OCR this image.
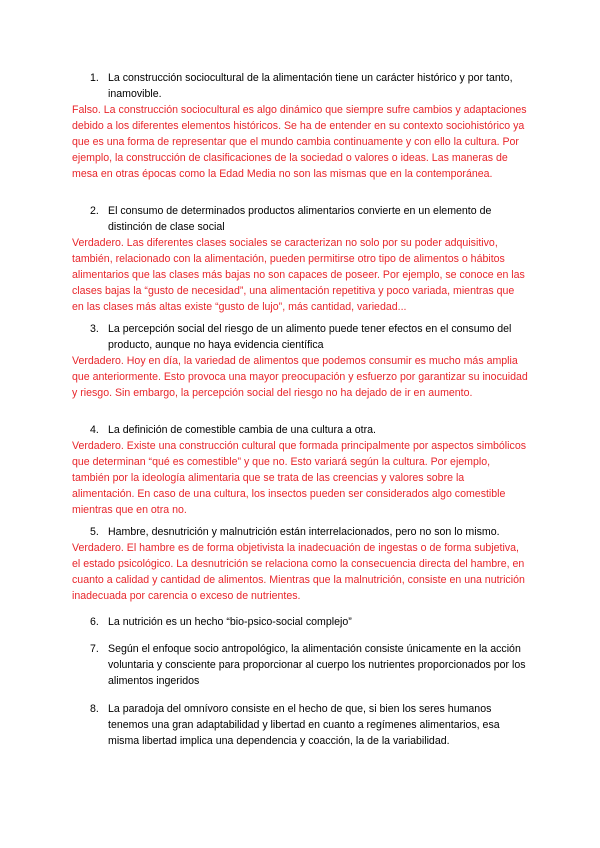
1. La construcción sociocultural de la alimentación tiene un carácter histórico y por tanto, inamovible.
Falso. La construcción sociocultural es algo dinámico que siempre sufre cambios y adaptaciones debido a los diferentes elementos históricos. Se ha de entender en su contexto sociohistórico ya que es una forma de representar que el mundo cambia continuamente y con ello la cultura. Por ejemplo, la construcción de clasificaciones de la sociedad o valores o ideas. Las maneras de mesa en otras épocas como la Edad Media no son las mismas que en la contemporánea.
2. El consumo de determinados productos alimentarios convierte en un elemento de distinción de clase social
Verdadero. Las diferentes clases sociales se caracterizan no solo por su poder adquisitivo, también, relacionado con la alimentación, pueden permitirse otro tipo de alimentos o hábitos alimentarios que las clases más bajas no son capaces de poseer. Por ejemplo, se conoce en las clases bajas la “gusto de necesidad”, una alimentación repetitiva y poco variada, mientras que en las clases más altas existe “gusto de lujo”, más cantidad, variedad...
3. La percepción social del riesgo de un alimento puede tener efectos en el consumo del producto, aunque no haya evidencia científica
Verdadero. Hoy en día, la variedad de alimentos que podemos consumir es mucho más amplia que anteriormente. Esto provoca una mayor preocupación y esfuerzo por garantizar su inocuidad y riesgo. Sin embargo, la percepción social del riesgo no ha dejado de ir en aumento.
4. La definición de comestible cambia de una cultura a otra.
Verdadero. Existe una construcción cultural que formada principalmente por aspectos simbólicos que determinan “qué es comestible” y que no. Esto variará según la cultura. Por ejemplo, también por la ideología alimentaria que se trata de las creencias y valores sobre la alimentación. En caso de una cultura, los insectos pueden ser considerados algo comestible mientras que en otra no.
5. Hambre, desnutrición y malnutrición están interrelacionados, pero no son lo mismo.
Verdadero. El hambre es de forma objetivista la inadecuación de ingestas o de forma subjetiva, el estado psicológico. La desnutrición se relaciona como la consecuencia directa del hambre, en cuanto a calidad y cantidad de alimentos. Mientras que la malnutrición, consiste en una nutrición inadecuada por carencia o exceso de nutrientes.
6. La nutrición es un hecho “bio-psico-social complejo”
7. Según el enfoque socio antropológico, la alimentación consiste únicamente en la acción voluntaria y consciente para proporcionar al cuerpo los nutrientes proporcionados por los alimentos ingeridos
8. La paradoja del omnívoro consiste en el hecho de que, si bien los seres humanos tenemos una gran adaptabilidad y libertad en cuanto a regímenes alimentarios, esa misma libertad implica una dependencia y coacción, la de la variabilidad.
